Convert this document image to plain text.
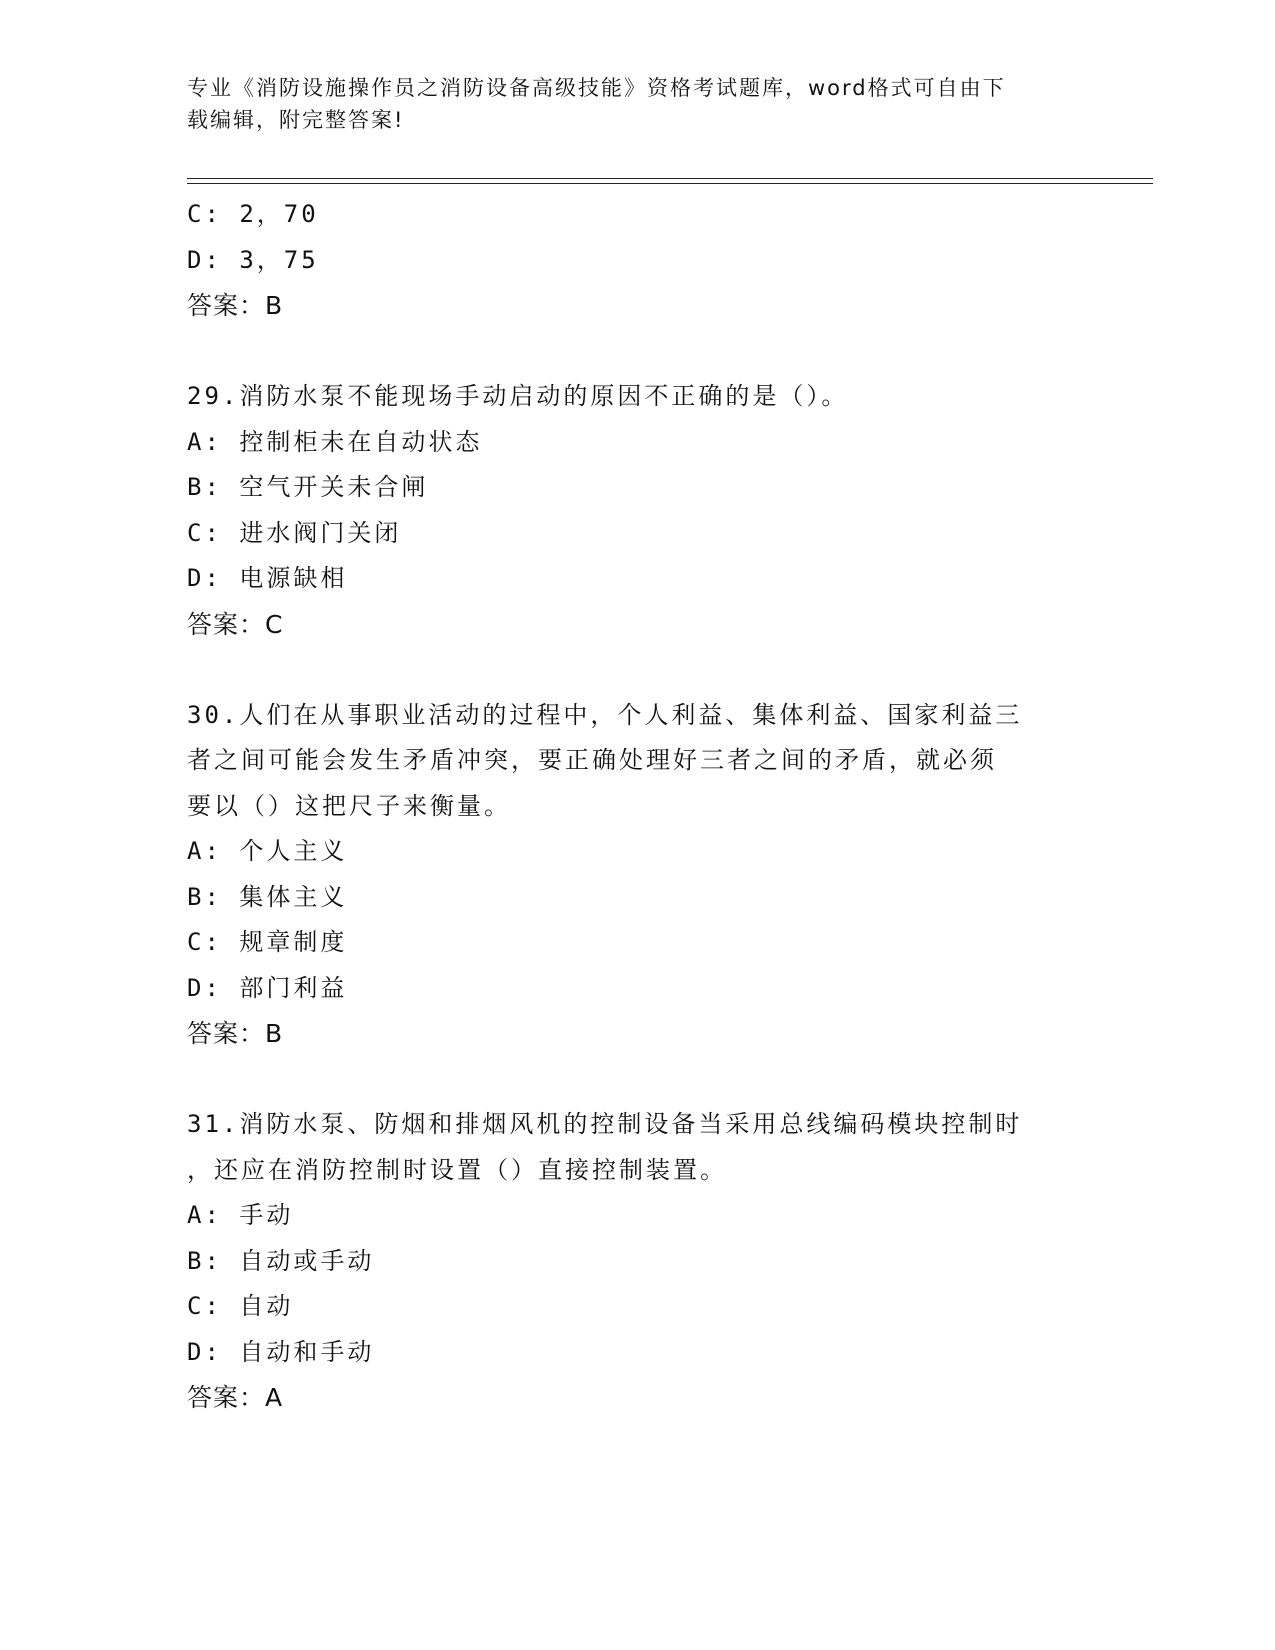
专业《消防设施操作员之消防设备高级技能》资格考试题库，word格式可自由下
载编辑，附完整答案!
C: 2，70
D: 3，75
答案：B
29.消防水泵不能现场手动启动的原因不正确的是（）。
A: 控制柜未在自动状态
B: 空气开关未合闸
C: 进水阀门关闭
D: 电源缺相
答案：C
30.人们在从事职业活动的过程中，个人利益、集体利益、国家利益三
者之间可能会发生矛盾冲突，要正确处理好三者之间的矛盾，就必须
要以（）这把尺子来衡量。
A: 个人主义
B: 集体主义
C: 规章制度
D: 部门利益
答案：B
31.消防水泵、防烟和排烟风机的控制设备当采用总线编码模块控制时
，还应在消防控制时设置（）直接控制装置。
A: 手动
B: 自动或手动
C: 自动
D: 自动和手动
答案：A
